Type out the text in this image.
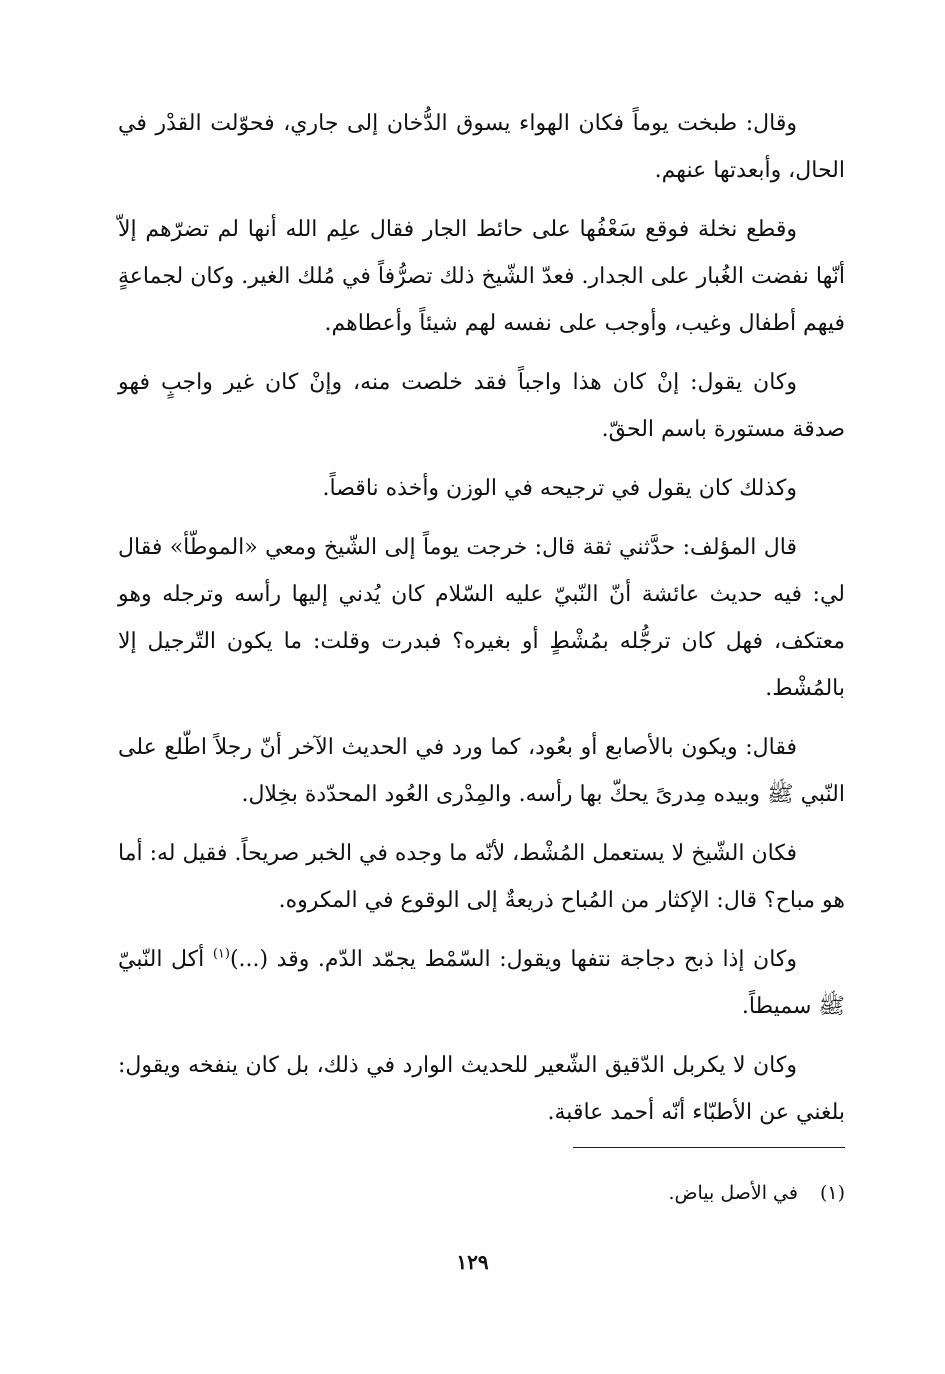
وقال: طبخت يوماً فكان الهواء يسوق الدُّخان إلى جاري، فحوّلت القدْر في الحال، وأبعدتها عنهم.

وقطع نخلة فوقع سَعْفُها على حائط الجار فقال علِم الله أنها لم تضرّهم إلاّ أنّها نفضت الغُبار على الجدار. فعدّ الشّيخ ذلك تصرُّفاً في مُلك الغير. وكان لجماعةٍ فيهم أطفال وغيب، وأوجب على نفسه لهم شيئاً وأعطاهم.

وكان يقول: إنْ كان هذا واجباً فقد خلصت منه، وإنْ كان غير واجبٍ فهو صدقة مستورة باسم الحقّ.

وكذلك كان يقول في ترجيحه في الوزن وأخذه ناقصاً.

قال المؤلف: حدَّثني ثقة قال: خرجت يوماً إلى الشّيخ ومعي «الموطّأ» فقال لي: فيه حديث عائشة أنّ النّبيّ عليه السّلام كان يُدني إليها رأسه وترجله وهو معتكف، فهل كان ترجُّله بمُشْطٍ أو بغيره؟ فبدرت وقلت: ما يكون التّرجيل إلا بالمُشْط.

فقال: ويكون بالأصابع أو بعُود، كما ورد في الحديث الآخر أنّ رجلاً اطّلع على النّبي ﷺ وبيده مِدرىً يحكّ بها رأسه. والمِدْرى العُود المحدّدة بخِلال.

فكان الشّيخ لا يستعمل المُشْط، لأنّه ما وجده في الخبر صريحاً. فقيل له: أما هو مباح؟ قال: الإكثار من المُباح ذريعةٌ إلى الوقوع في المكروه.

وكان إذا ذبح دجاجة نتفها ويقول: السّمْط يجمّد الدّم. وقد (...)$^{(١)}$ أكل النّبيّ ﷺ سميطاً.

وكان لا يكربل الدّقيق الشّعير للحديث الوارد في ذلك، بل كان ينفخه ويقول: بلغني عن الأطبّاء أنّه أحمد عاقبة.

(١)في الأصل بياض.
١٢٩
